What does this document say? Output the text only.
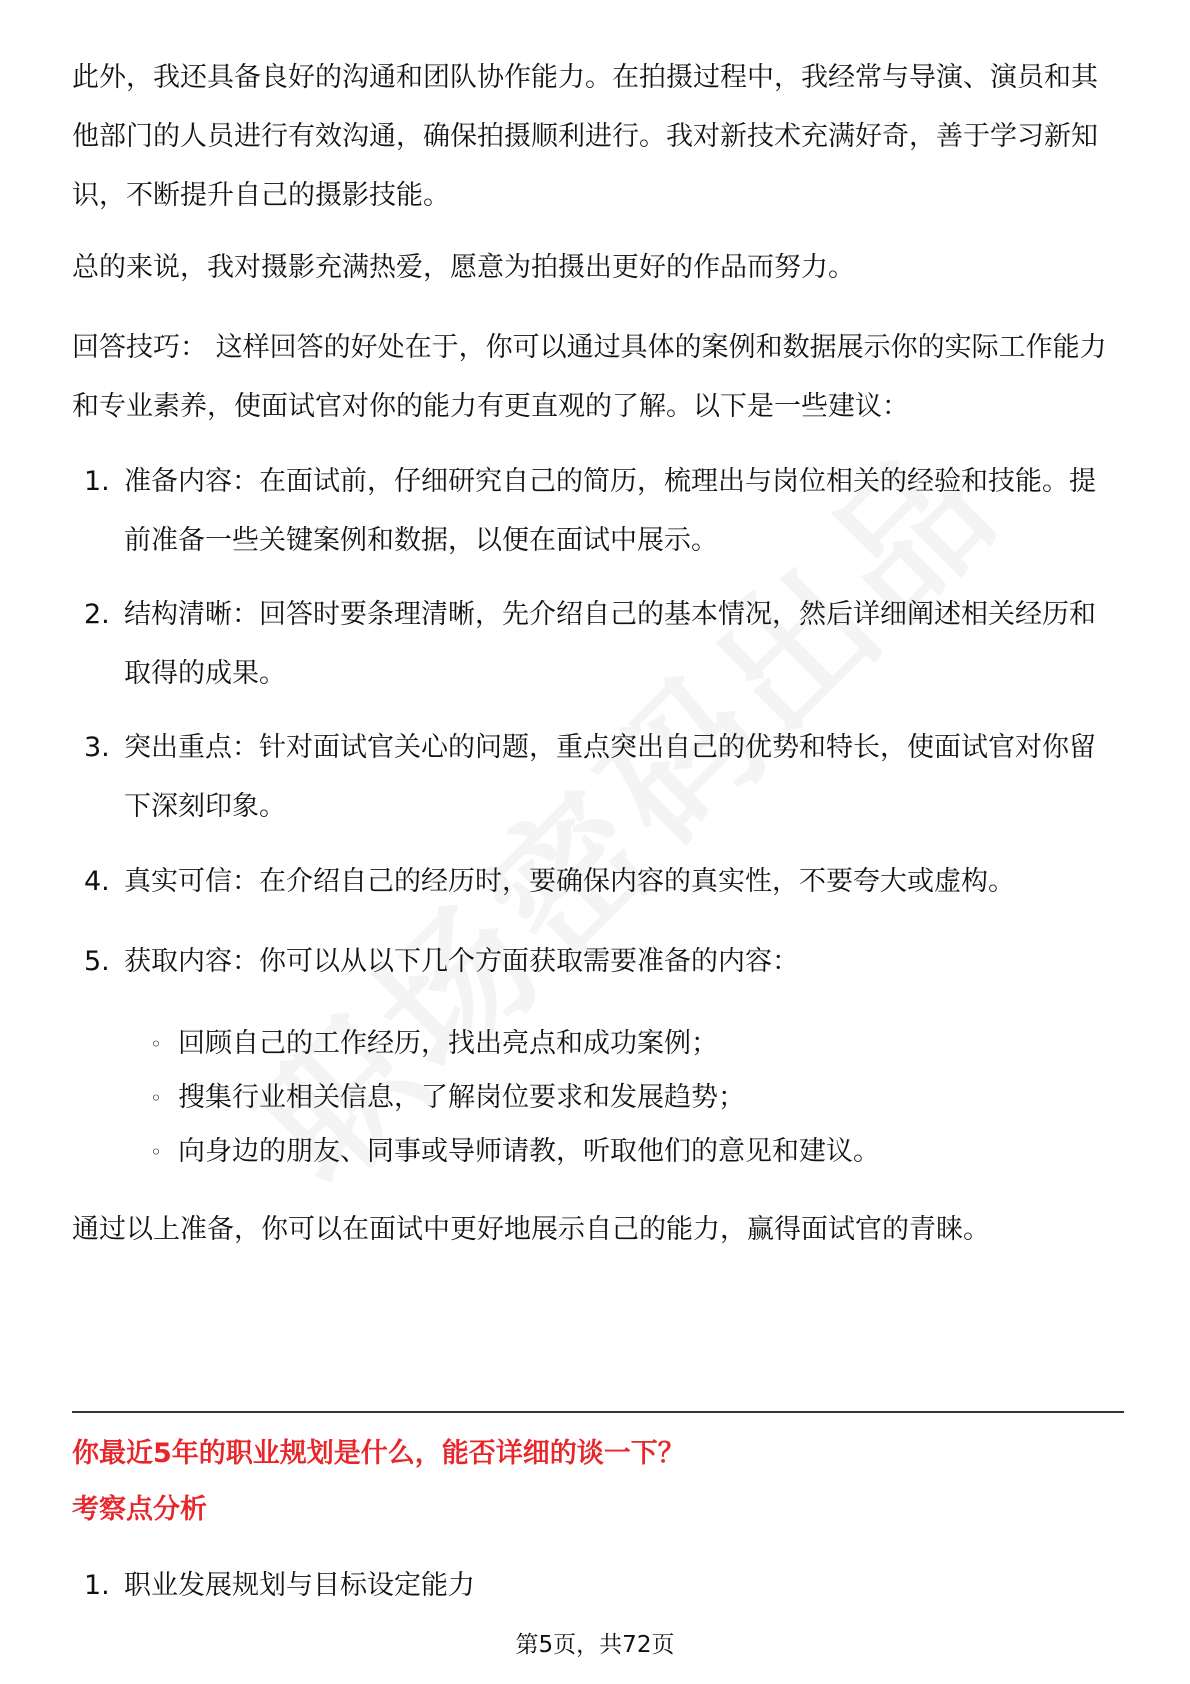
此外，我还具备良好的沟通和团队协作能力。在拍摄过程中，我经常与导演、演员和其他部门的人员进行有效沟通，确保拍摄顺利进行。我对新技术充满好奇，善于学习新知识，不断提升自己的摄影技能。

总的来说，我对摄影充满热爱，愿意为拍摄出更好的作品而努力。

回答技巧： 这样回答的好处在于，你可以通过具体的案例和数据展示你的实际工作能力和专业素养，使面试官对你的能力有更直观的了解。以下是一些建议：

1. 准备内容：在面试前，仔细研究自己的简历，梳理出与岗位相关的经验和技能。提前准备一些关键案例和数据，以便在面试中展示。
2. 结构清晰：回答时要条理清晰，先介绍自己的基本情况，然后详细阐述相关经历和取得的成果。
3. 突出重点：针对面试官关心的问题，重点突出自己的优势和特长，使面试官对你留下深刻印象。
4. 真实可信：在介绍自己的经历时，要确保内容的真实性，不要夸大或虚构。
5. 获取内容：你可以从以下几个方面获取需要准备的内容：
◦ 回顾自己的工作经历，找出亮点和成功案例；
◦ 搜集行业相关信息，了解岗位要求和发展趋势；
◦ 向身边的朋友、同事或导师请教，听取他们的意见和建议。

通过以上准备，你可以在面试中更好地展示自己的能力，赢得面试官的青睐。

你最近5年的职业规划是什么，能否详细的谈一下？
考察点分析
1. 职业发展规划与目标设定能力
第5页，共72页
